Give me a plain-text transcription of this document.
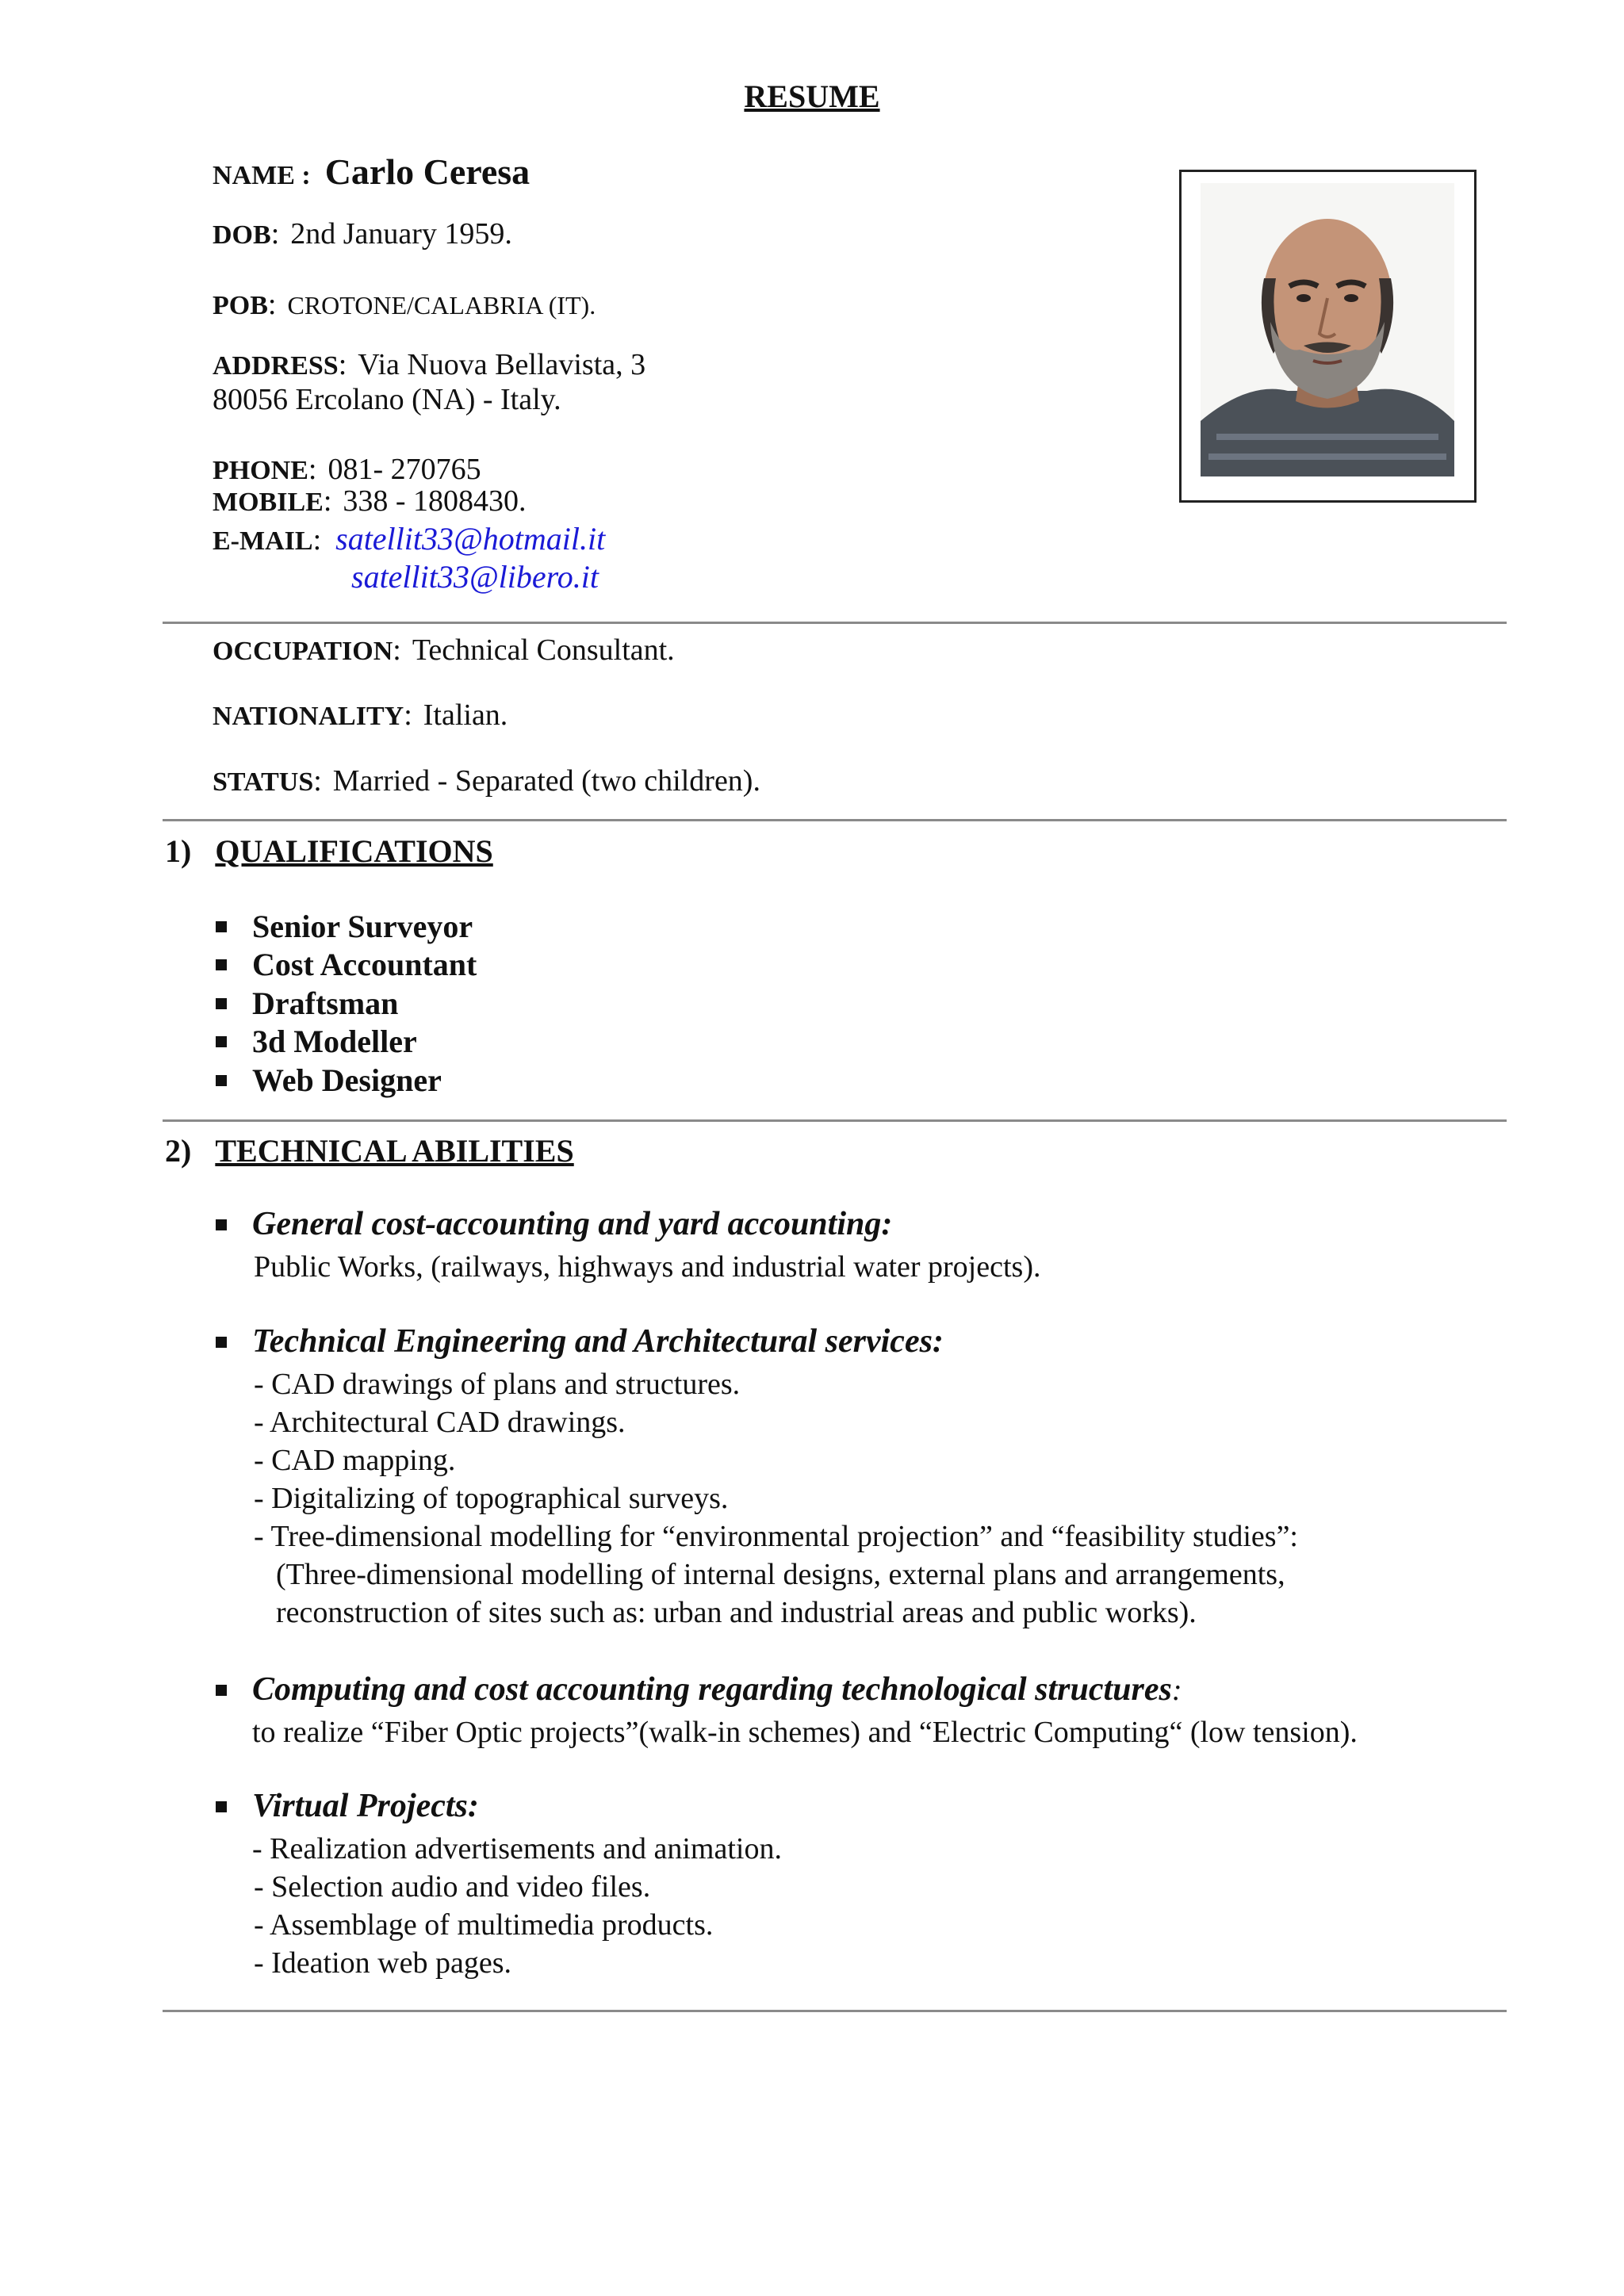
RESUME
NAME : Carlo Ceresa
DOB: 2nd January 1959.
POB: CROTONE/CALABRIA (IT).
ADDRESS: Via Nuova Bellavista, 3
80056 Ercolano (NA) - Italy.
PHONE: 081- 270765
MOBILE: 338 - 1808430.
E-MAIL: satellit33@hotmail.it
satellit33@libero.it
OCCUPATION: Technical Consultant.
NATIONALITY: Italian.
STATUS: Married - Separated (two children).
1) QUALIFICATIONS
Senior Surveyor
Cost Accountant
Draftsman
3d Modeller
Web Designer
2) TECHNICAL ABILITIES
General cost-accounting and yard accounting:
Public Works, (railways, highways and industrial water projects).
Technical Engineering and Architectural services:
- CAD drawings of plans and structures.
- Architectural CAD drawings.
- CAD mapping.
- Digitalizing of topographical surveys.
- Tree-dimensional modelling for “environmental projection” and “feasibility studies”:
(Three-dimensional modelling of internal designs, external plans and arrangements,
reconstruction of sites such as: urban and industrial areas and public works).
Computing and cost accounting regarding technological structures:
to realize “Fiber Optic projects”(walk-in schemes) and “Electric Computing“ (low tension).
Virtual Projects:
- Realization advertisements and animation.
- Selection audio and video files.
- Assemblage of multimedia products.
- Ideation web pages.
